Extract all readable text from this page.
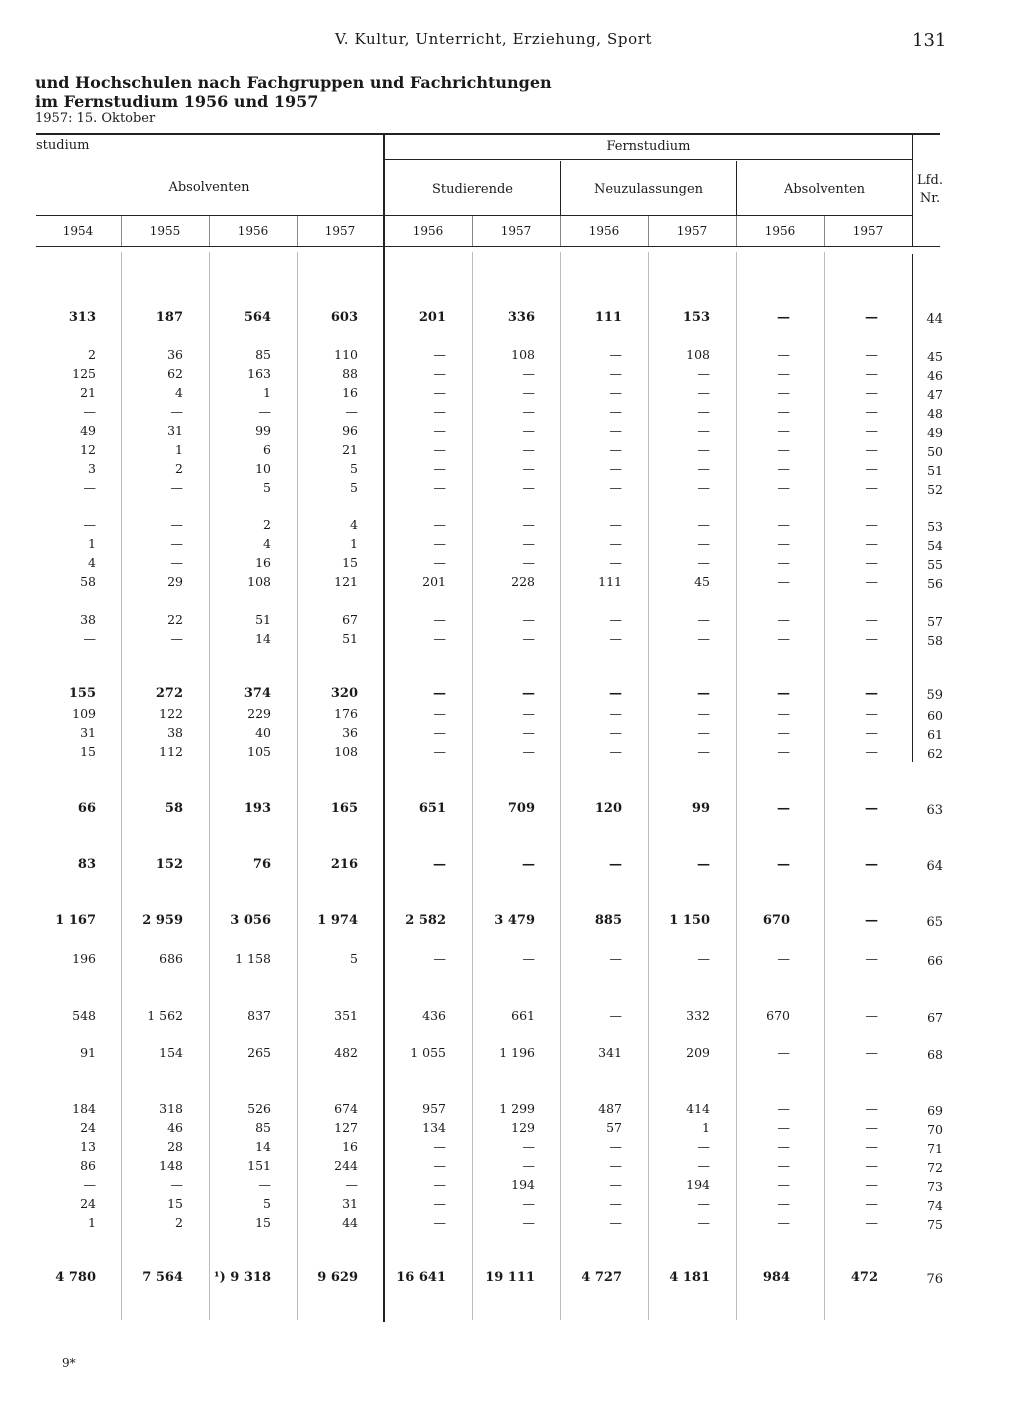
V. Kultur, Unterricht, Erziehung, Sport	131
und Hochschulen nach Fachgruppen und Fachrichtungen
im Fernstudium 1956 und 1957
1957: 15. Oktober
studium	Fernstudium
Absolventen	Studierende	Neuzulassungen	Absolventen
Lfd.
Nr.
1954	1955	1956	1957	1956	1957	1956	1957	1956	1957
313	187	564	603	201	336	111	153	—	—	44
2	36	85	110	—	108	—	108	—	—	45
125	62	163	88	—	—	—	—	—	—	46
21	4	1	16	—	—	—	—	—	—	47
—	—	—	—	—	—	—	—	—	—	48
49	31	99	96	—	—	—	—	—	—	49
12	1	6	21	—	—	—	—	—	—	50
3	2	10	5	—	—	—	—	—	—	51
—	—	5	5	—	—	—	—	—	—	52
—	—	2	4	—	—	—	—	—	—	53
1	—	4	1	—	—	—	—	—	—	54
4	—	16	15	—	—	—	—	—	—	55
58	29	108	121	201	228	111	45	—	—	56
38	22	51	67	—	—	—	—	—	—	57
—	—	14	51	—	—	—	—	—	—	58
155	272	374	320	—	—	—	—	—	—	59
109	122	229	176	—	—	—	—	—	—	60
31	38	40	36	—	—	—	—	—	—	61
15	112	105	108	—	—	—	—	—	—	62
66	58	193	165	651	709	120	99	—	—	63
83	152	76	216	—	—	—	—	—	—	64
1 167	2 959	3 056	1 974	2 582	3 479	885	1 150	670	—	65
196	686	1 158	5	—	—	—	—	—	—	66
548	1 562	837	351	436	661	—	332	670	—	67
91	154	265	482	1 055	1 196	341	209	—	—	68
184	318	526	674	957	1 299	487	414	—	—	69
24	46	85	127	134	129	57	1	—	—	70
13	28	14	16	—	—	—	—	—	—	71
86	148	151	244	—	—	—	—	—	—	72
—	—	—	—	—	194	—	194	—	—	73
24	15	5	31	—	—	—	—	—	—	74
1	2	15	44	—	—	—	—	—	—	75
4 780	7 564	¹) 9 318	9 629	16 641	19 111	4 727	4 181	984	472	76
9*
